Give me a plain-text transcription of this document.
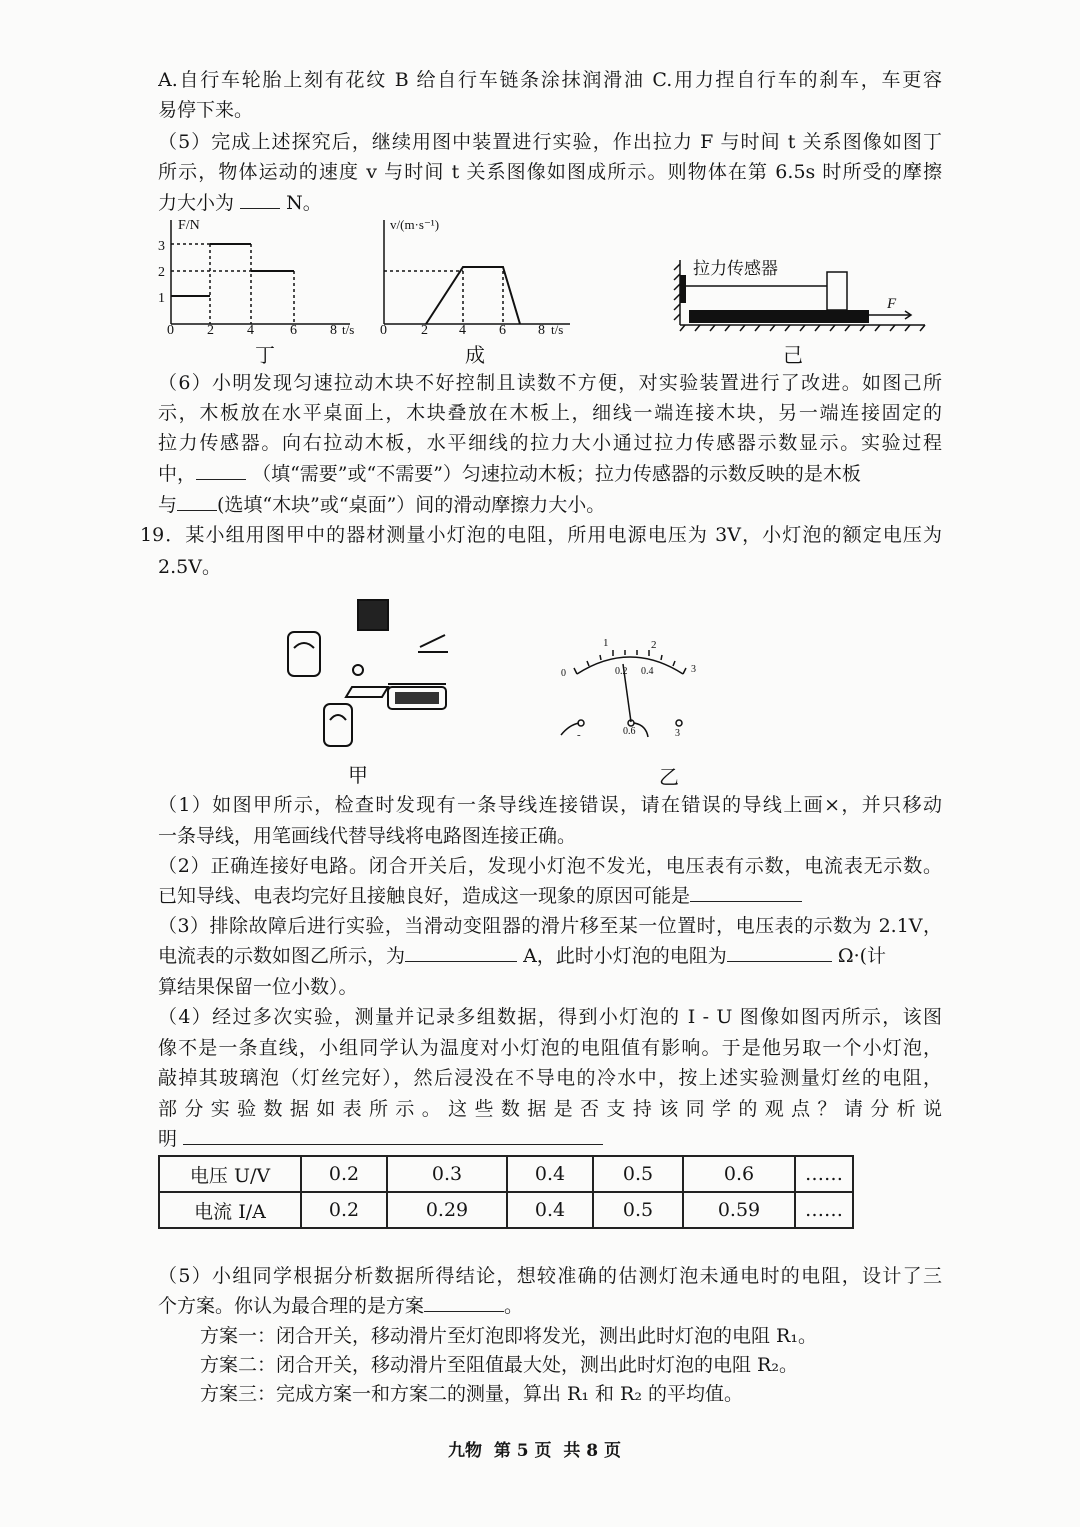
A.自行车轮胎上刻有花纹 B 给自行车链条涂抹润滑油 C.用力捏自行车的刹车，车更容
易停下来。
（5）完成上述探究后，继续用图中装置进行实验，作出拉力 F 与时间 t 关系图像如图丁
所示，物体运动的速度 v 与时间 t 关系图像如图成所示。则物体在第 6.5s 时所受的摩擦
力大小为	N。
F/N
3
2
1
0 2 4	6 8 t/s
丁
v/(m·s⁻¹)
0 2 4 6 8 t/s
成
拉力传感器
F
己
（6）小明发现匀速拉动木块不好控制且读数不方便，对实验装置进行了改进。如图己所
示，木板放在水平桌面上，木块叠放在木板上，细线一端连接木块，另一端连接固定的
拉力传感器。向右拉动木板，水平细线的拉力大小通过拉力传感器示数显示。实验过程
中，	（填“需要”或“不需要”）匀速拉动木板；拉力传感器的示数反映的是木板
与 (选填“木块”或“桌面”）间的滑动摩擦力大小。
19．某小组用图甲中的器材测量小灯泡的电阻，所用电源电压为 3V，小灯泡的额定电压为
2.5V。
甲
1	2
0.2 0.4
0	3
-	0.6	3
乙
（1）如图甲所示，检查时发现有一条导线连接错误，请在错误的导线上画×，并只移动
一条导线，用笔画线代替导线将电路图连接正确。
（2）正确连接好电路。闭合开关后，发现小灯泡不发光，电压表有示数，电流表无示数。
已知导线、电表均完好且接触良好，造成这一现象的原因可能是
（3）排除故障后进行实验，当滑动变阻器的滑片移至某一位置时，电压表的示数为 2.1V，
电流表的示数如图乙所示，为	A，此时小灯泡的电阻为	Ω·(计
算结果保留一位小数）。
（4）经过多次实验，测量并记录多组数据，得到小灯泡的 I - U 图像如图丙所示，该图
像不是一条直线，小组同学认为温度对小灯泡的电阻值有影响。于是他另取一个小灯泡，
敲掉其玻璃泡（灯丝完好），然后浸没在不导电的冷水中，按上述实验测量灯丝的电阻，
部分实验数据如表所示。这些数据是否支持该同学的观点？请分析说
明
电压 U/V	0.2	0.3	0.4	0.5	0.6	……
电流 I/A	0.2	0.29	0.4	0.5	0.59	……
（5）小组同学根据分析数据所得结论，想较准确的估测灯泡未通电时的电阻，设计了三
个方案。你认为最合理的是方案	。
方案一：闭合开关，移动滑片至灯泡即将发光，测出此时灯泡的电阻 R₁。
方案二：闭合开关，移动滑片至阻值最大处，测出此时灯泡的电阻 R₂。
方案三：完成方案一和方案二的测量，算出 R₁ 和 R₂ 的平均值。
九物  第 5 页  共 8 页
